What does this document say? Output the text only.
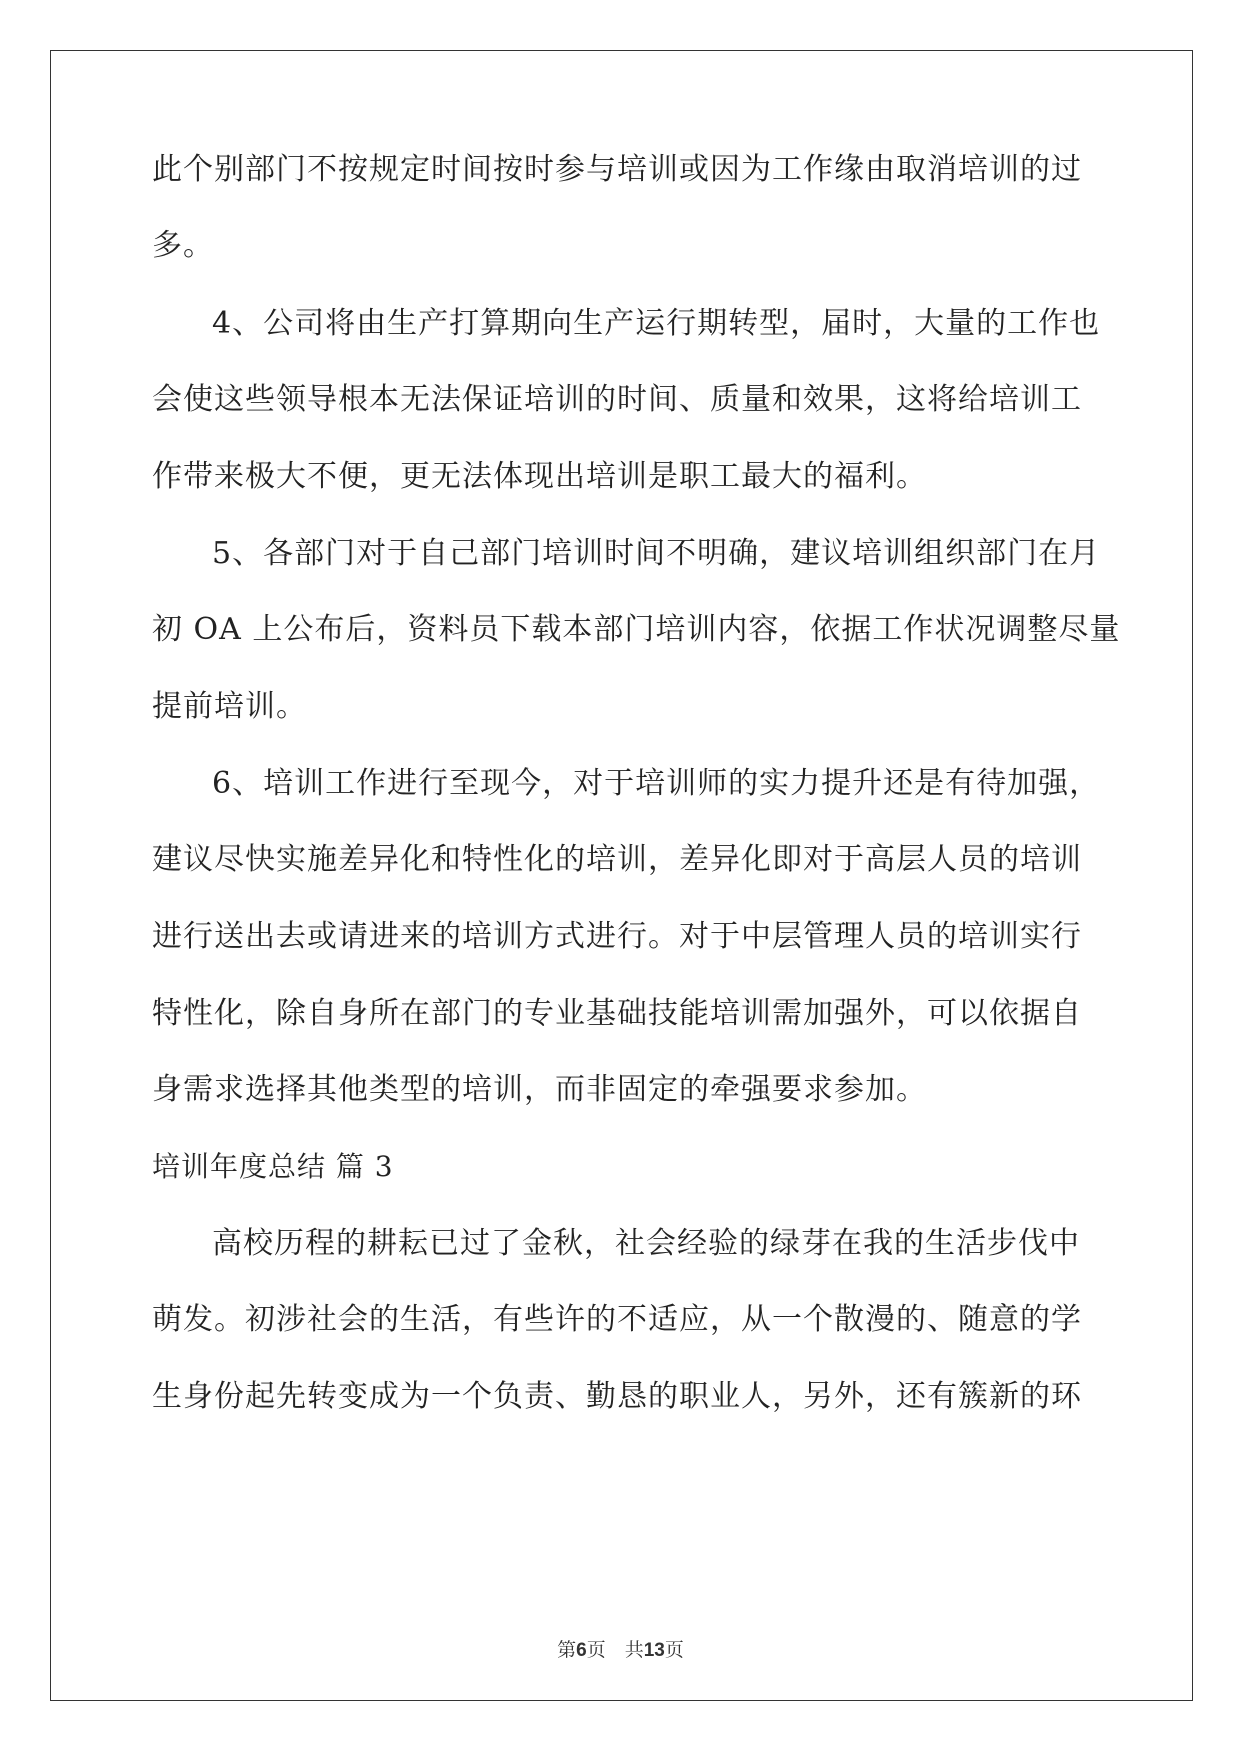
此个别部门不按规定时间按时参与培训或因为工作缘由取消培训的过

多。

4、公司将由生产打算期向生产运行期转型，届时，大量的工作也

会使这些领导根本无法保证培训的时间、质量和效果，这将给培训工

作带来极大不便，更无法体现出培训是职工最大的福利。

5、各部门对于自己部门培训时间不明确，建议培训组织部门在月

初 OA 上公布后，资料员下载本部门培训内容，依据工作状况调整尽量

提前培训。

6、培训工作进行至现今，对于培训师的实力提升还是有待加强，

建议尽快实施差异化和特性化的培训，差异化即对于高层人员的培训

进行送出去或请进来的培训方式进行。对于中层管理人员的培训实行

特性化，除自身所在部门的专业基础技能培训需加强外，可以依据自

身需求选择其他类型的培训，而非固定的牵强要求参加。

培训年度总结 篇 3

高校历程的耕耘已过了金秋，社会经验的绿芽在我的生活步伐中

萌发。初涉社会的生活，有些许的不适应，从一个散漫的、随意的学

生身份起先转变成为一个负责、勤恳的职业人，另外，还有簇新的环

第6页　共13页
